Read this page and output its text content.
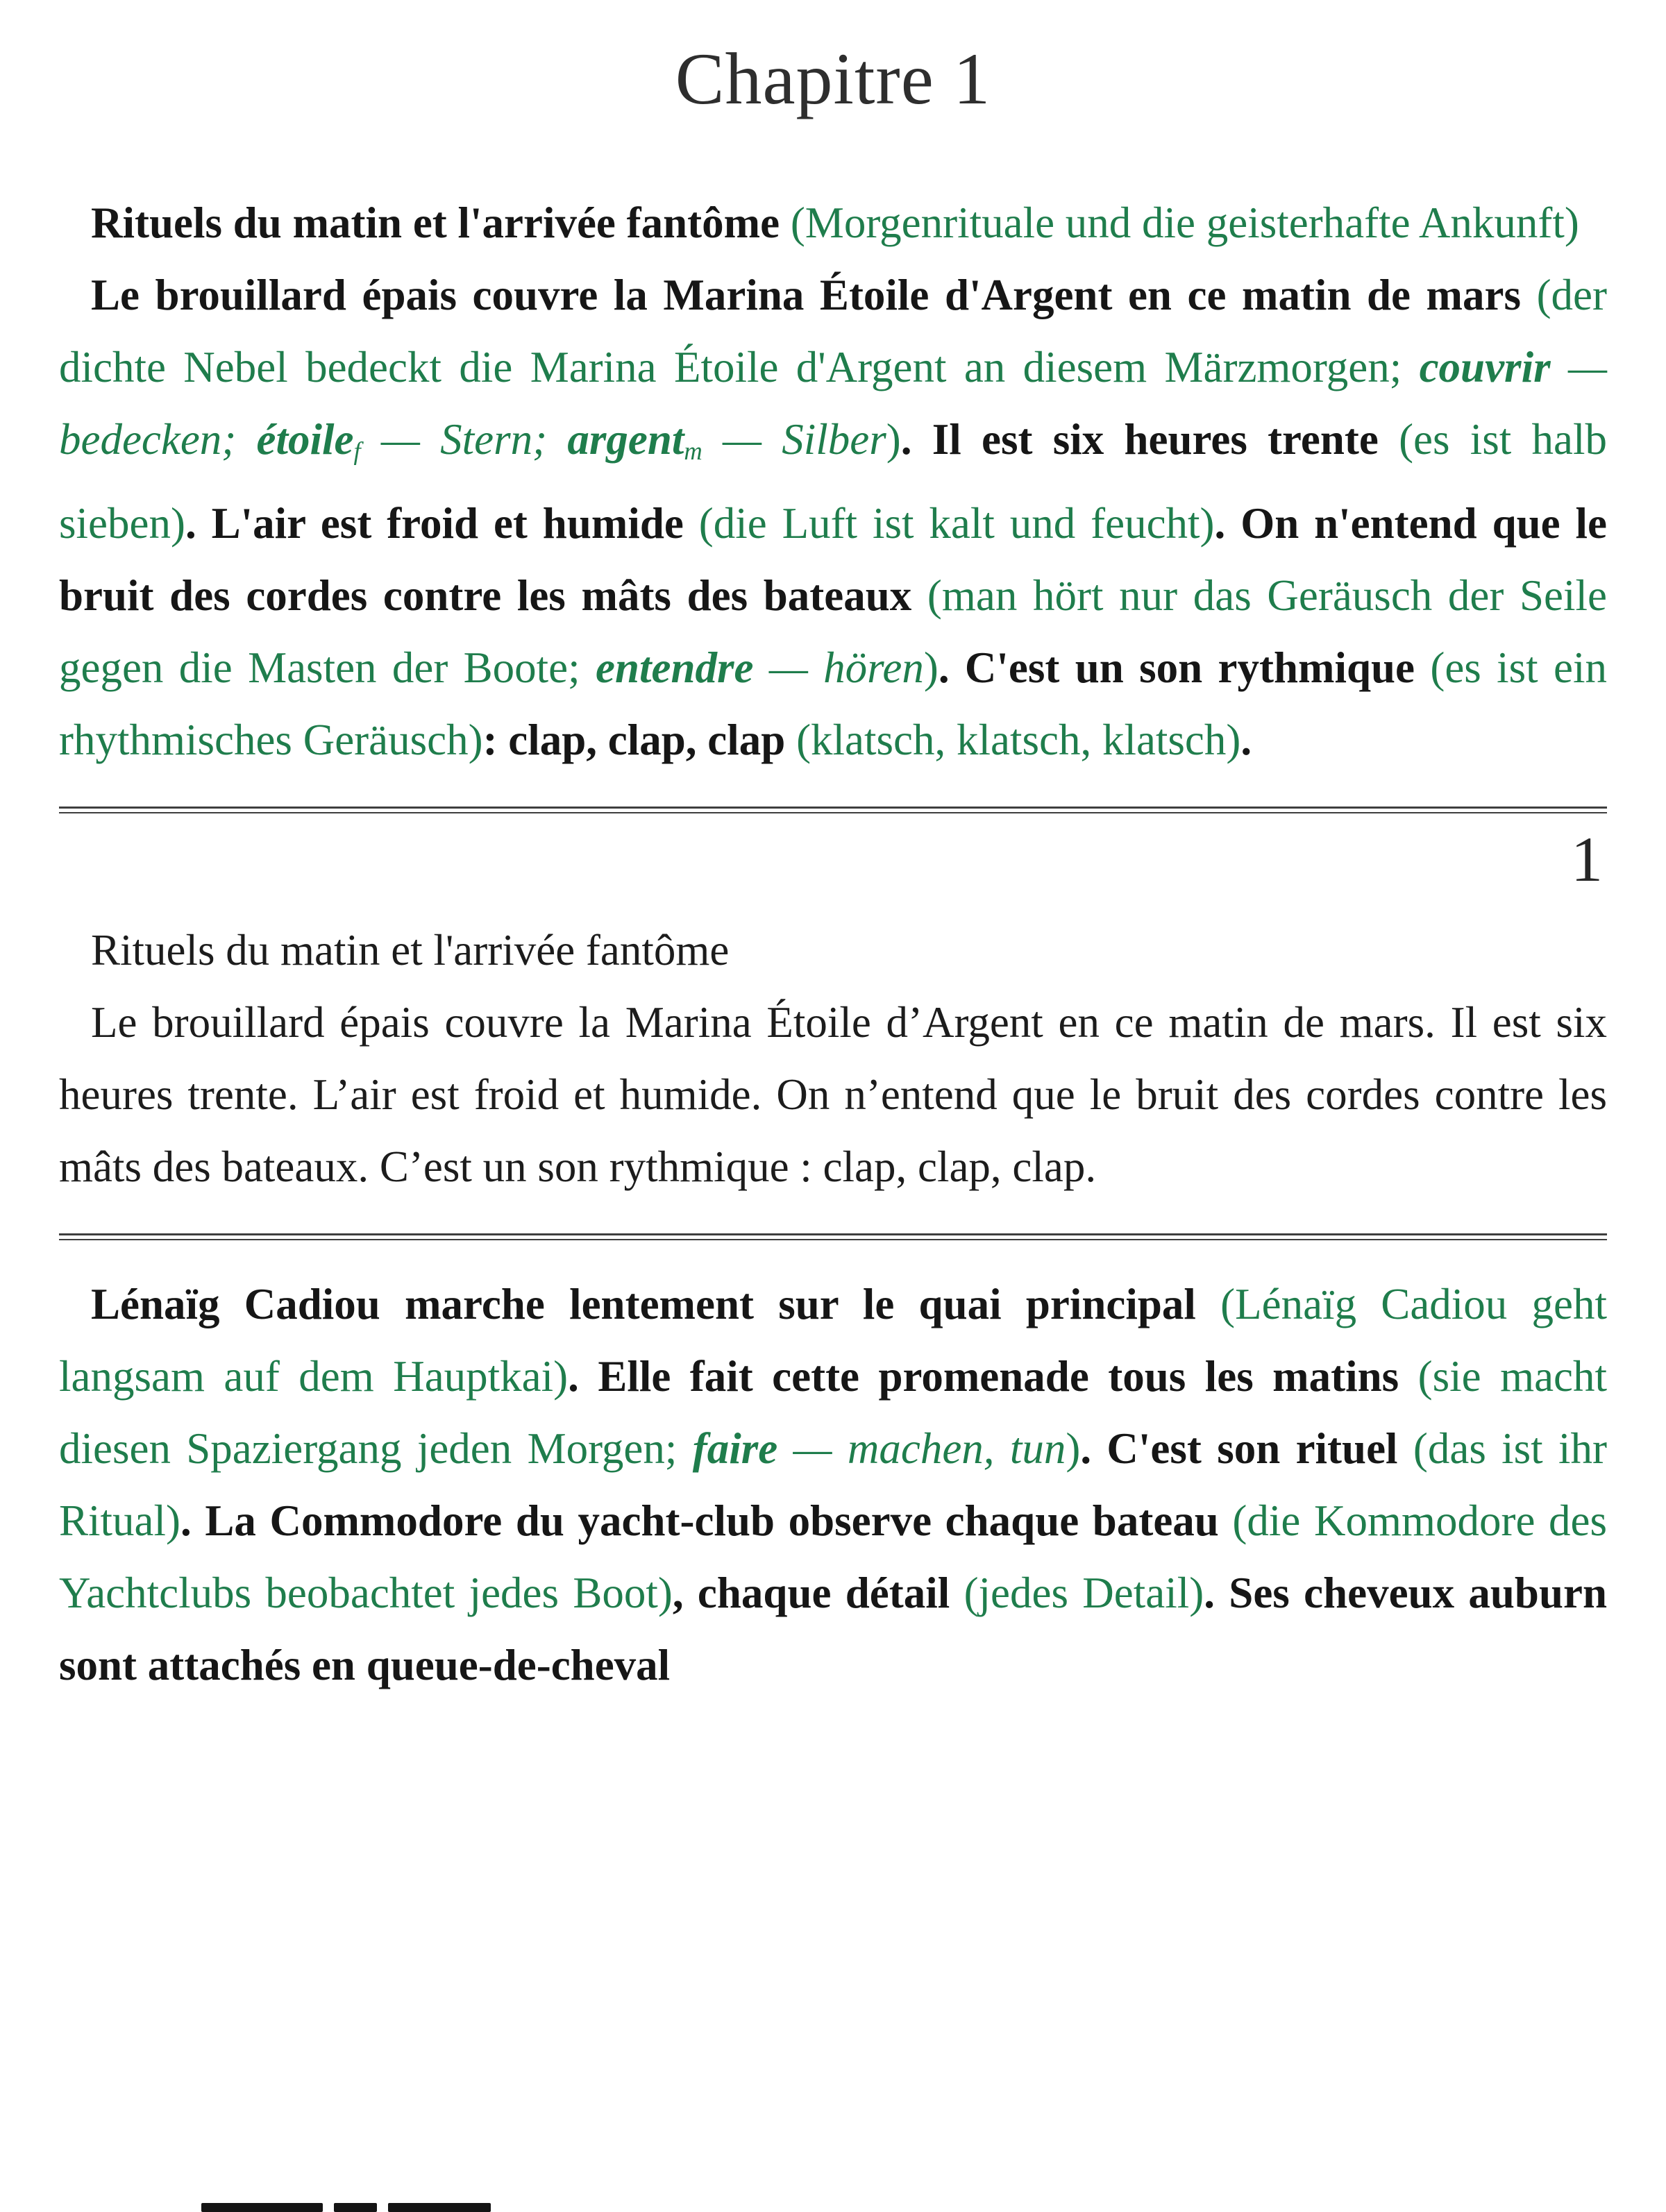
Chapitre 1

Rituels du matin et l'arrivée fantôme (Morgenrituale und die geisterhafte Ankunft)

Le brouillard épais couvre la Marina Étoile d'Argent en ce matin de mars (der dichte Nebel bedeckt die Marina Étoile d'Argent an diesem Märzmorgen; couvrir — bedecken; étoile$_f$ — Stern; argent$_m$ — Silber). Il est six heures trente (es ist halb sieben). L'air est froid et humide (die Luft ist kalt und feucht). On n'entend que le bruit des cordes contre les mâts des bateaux (man hört nur das Geräusch der Seile gegen die Masten der Boote; entendre — hören). C'est un son rythmique (es ist ein rhythmisches Geräusch): clap, clap, clap (klatsch, klatsch, klatsch).

1

Rituels du matin et l'arrivée fantôme

Le brouillard épais couvre la Marina Étoile d’Argent en ce matin de mars. Il est six heures trente. L’air est froid et humide. On n’entend que le bruit des cordes contre les mâts des bateaux. C’est un son rythmique : clap, clap, clap.

Lénaïg Cadiou marche lentement sur le quai principal (Lénaïg Cadiou geht langsam auf dem Hauptkai). Elle fait cette promenade tous les matins (sie macht diesen Spaziergang jeden Morgen; faire — machen, tun). C'est son rituel (das ist ihr Ritual). La Commodore du yacht-club observe chaque bateau (die Kommodore des Yachtclubs beobachtet jedes Boot), chaque détail (jedes Detail). Ses cheveux auburn sont attachés en queue-de-cheval
